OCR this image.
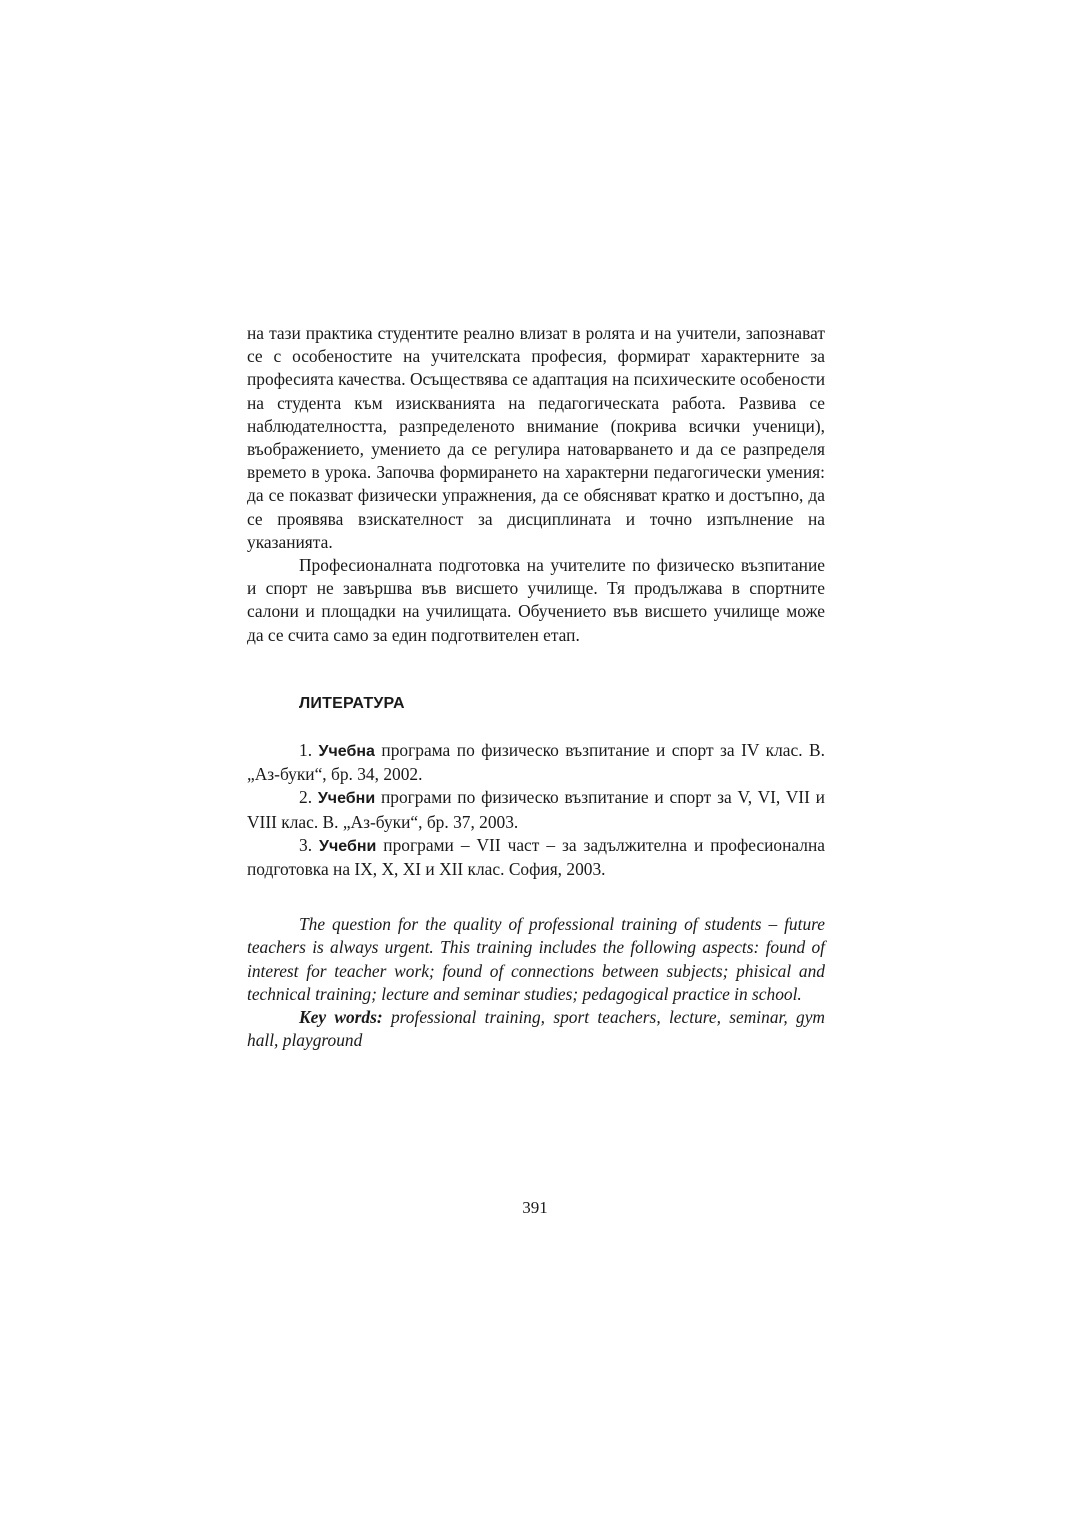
на тази практика студентите реално влизат в ролята и на учители, запознават се с особеностите на учителската професия, формират характерните за професията качества. Осъществява се адаптация на психическите особености на студента към изискванията на педагогическата работа. Развива се наблюдателността, разпределеното внимание (покрива всички ученици), въображението, умението да се регулира натоварването и да се разпределя времето в урока. Започва формирането на характерни педагогически умения: да се показват физически упражнения, да се обясняват кратко и достъпно, да се проявява взискателност за дисциплината и точно изпълнение на указанията.

Професионалната подготовка на учителите по физическо възпитание и спорт не завършва във висшето училище. Тя продължава в спортните салони и площадки на училищата. Обучението във висшето училище може да се счита само за един подготвителен етап.

ЛИТЕРАТУРА

1. Учебна програма по физическо възпитание и спорт за IV клас. В. „Аз-буки“, бр. 34, 2002.

2. Учебни програми по физическо възпитание и спорт за V, VI, VII и VIII клас. В. „Аз-буки“, бр. 37, 2003.

3. Учебни програми – VII част – за задължителна и професионална подготовка на IX, X, XI и XII клас. София, 2003.

The question for the quality of professional training of students – future teachers is always urgent. This training includes the following aspects: found of interest for teacher work; found of connections between subjects; phisical and technical training; lecture and seminar studies; pedagogical practice in school.

Key words: professional training, sport teachers, lecture, seminar, gym hall, playground

391
